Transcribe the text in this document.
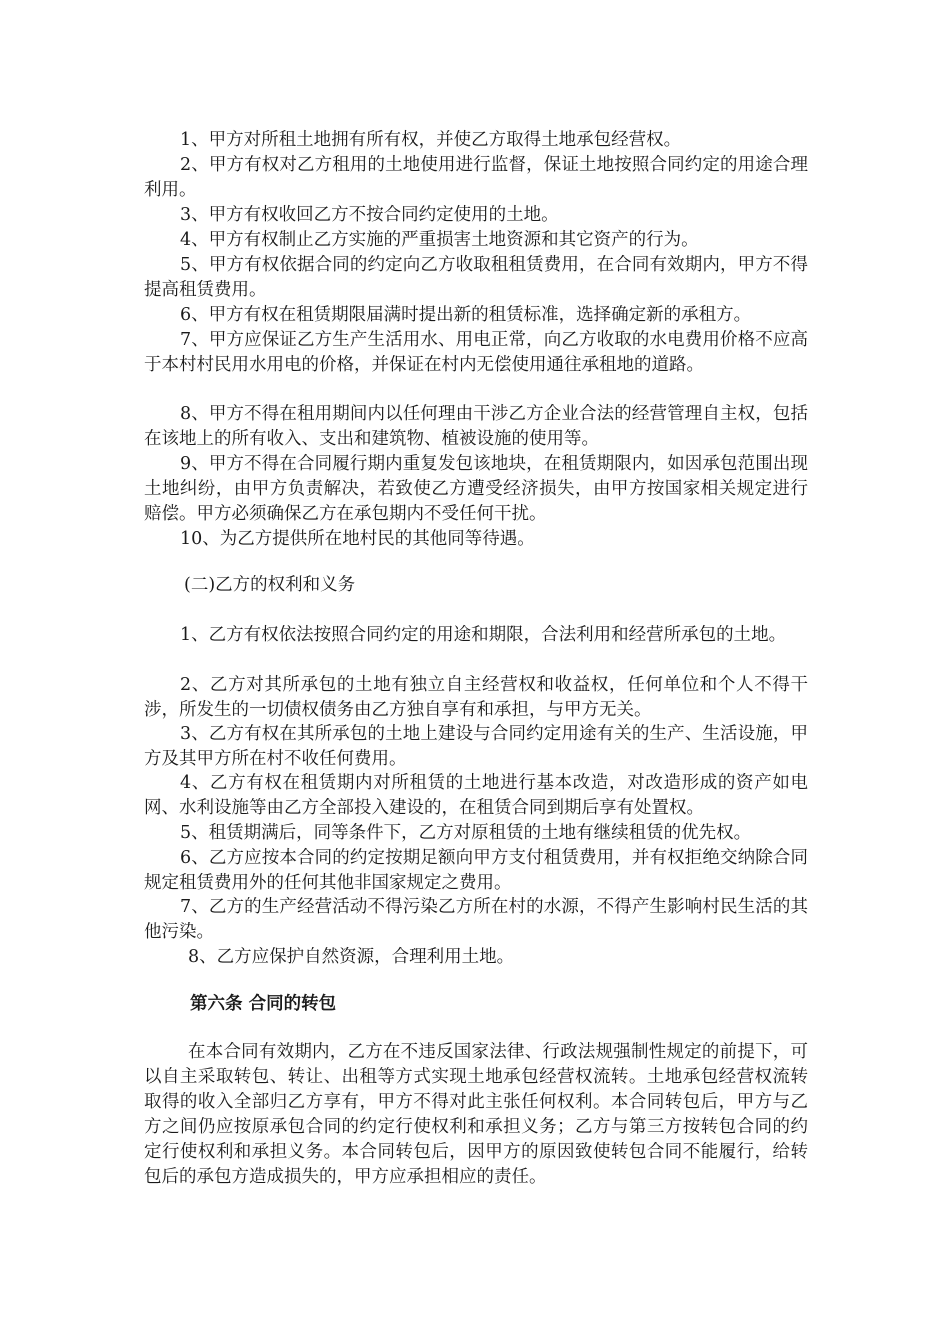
1、甲方对所租土地拥有所有权，并使乙方取得土地承包经营权。

2、甲方有权对乙方租用的土地使用进行监督，保证土地按照合同约定的用途合理利用。

3、甲方有权收回乙方不按合同约定使用的土地。

4、甲方有权制止乙方实施的严重损害土地资源和其它资产的行为。

5、甲方有权依据合同的约定向乙方收取租租赁费用，在合同有效期内，甲方不得提高租赁费用。

6、甲方有权在租赁期限届满时提出新的租赁标准，选择确定新的承租方。

7、甲方应保证乙方生产生活用水、用电正常，向乙方收取的水电费用价格不应高于本村村民用水用电的价格，并保证在村内无偿使用通往承租地的道路。

8、甲方不得在租用期间内以任何理由干涉乙方企业合法的经营管理自主权，包括在该地上的所有收入、支出和建筑物、植被设施的使用等。

9、甲方不得在合同履行期内重复发包该地块，在租赁期限内，如因承包范围出现土地纠纷，由甲方负责解决，若致使乙方遭受经济损失，由甲方按国家相关规定进行赔偿。甲方必须确保乙方在承包期内不受任何干扰。

10、为乙方提供所在地村民的其他同等待遇。

(二)乙方的权利和义务

1、乙方有权依法按照合同约定的用途和期限，合法利用和经营所承包的土地。

2、乙方对其所承包的土地有独立自主经营权和收益权，任何单位和个人不得干涉，所发生的一切债权债务由乙方独自享有和承担，与甲方无关。

3、乙方有权在其所承包的土地上建设与合同约定用途有关的生产、生活设施，甲方及其甲方所在村不收任何费用。

4、乙方有权在租赁期内对所租赁的土地进行基本改造，对改造形成的资产如电网、水利设施等由乙方全部投入建设的，在租赁合同到期后享有处置权。

5、租赁期满后，同等条件下，乙方对原租赁的土地有继续租赁的优先权。

6、乙方应按本合同的约定按期足额向甲方支付租赁费用，并有权拒绝交纳除合同规定租赁费用外的任何其他非国家规定之费用。

7、乙方的生产经营活动不得污染乙方所在村的水源，不得产生影响村民生活的其他污染。

8、乙方应保护自然资源，合理利用土地。

第六条 合同的转包

在本合同有效期内，乙方在不违反国家法律、行政法规强制性规定的前提下，可以自主采取转包、转让、出租等方式实现土地承包经营权流转。土地承包经营权流转取得的收入全部归乙方享有，甲方不得对此主张任何权利。本合同转包后，甲方与乙方之间仍应按原承包合同的约定行使权利和承担义务；乙方与第三方按转包合同的约定行使权利和承担义务。本合同转包后，因甲方的原因致使转包合同不能履行，给转包后的承包方造成损失的，甲方应承担相应的责任。
